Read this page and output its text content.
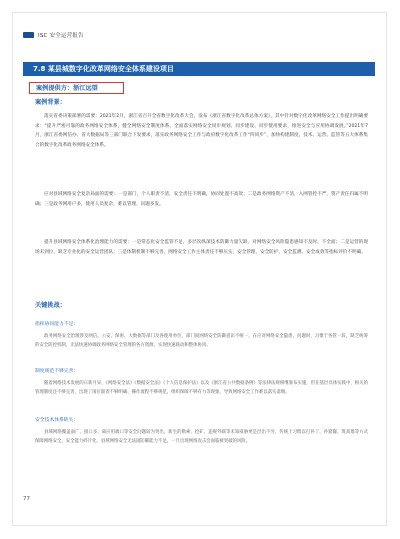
ISC 安全运营报告
7.8 某县城数字化改革网络安全体系建设项目
案例提供方：浙江远望
案例背景：

落实省委决策部署的需要：2021年2月，浙江省召开全省数字化改革大会，发布《浙江省数字化改革总体方案》，其中针对数字化改革网络安全工作提出明确要求：“提升严密可靠的政务网络安全体系，健全网络安全制度体系、全面落实网络安全同步规划、同步建设、同步使用要求，推进安全与应用协调发展。”2021年7月，浙江省委网信办、省大数据局等三部门联合下发要求，落实政务网络安全工作与政府数字化改革工作“四同步”，加快构建制度、技术、运营、监管等五大体系集合的数字化改革政务网络安全体系。

应对县域网络安全复杂局面的需要：一是部门，个人职责不清，安全责任不明确，协同处置不高效；二是政务网络资产不清，入网管控不严，资产责任归属不明确；三是政务网用户多，使用人员复杂，难以管理、问题多发。

提升县域网络安全体系化治理能力的需要：一是常态化安全监管不足，多层次纵深技术防御力量欠缺，对网络安全风险隐患感知不及时、不全面；二是运营的现场未到位，缺乏专业化的安全运营团队；三是体制机制不够完善，网络安全工作主体责任不够压实，安全管理、安全防护、安全监测、安全成效等指标评价不明确。

关键挑战：
指挥协同能力不足：

政务网络安全治理涉及网信、公安、保密、大数据等部门及各使用单位，部门间网络安全防御意识不统一，在应对网络安全隐患、问题时，习惯于各管一段，缺乏统筹的安全防控机制，无法快速协调政务网络安全管理的各方资源，实现快速联动和整体协同。

制度规范不够完善：

随着网络技术发展的日新月异，《网络安全法》《数据安全法》《个人信息保护法》以及《浙江省公共数据条例》等法律法规相继颁布实施，但在基层具体实践中，相关的管理制度还不够完善，出现了岗位职责不够明确、操作流程不够规范、组织保障不够有力等现象，导致网络安全工作难以落实落细。

安全技术体系缺失：

县域网络覆盖面广、接口多、离应用端口等安全问题较为突出，新生的勒索、挖矿、违规外联等未知威胁更是层出不穷，传统上习惯以打补丁、补窟窿、筑高墙等方式保障网络安全，安全能力碎片化，县域网络安全无法固防御能力不足，一旦出现网络攻击会面临被突破的风险。

77
